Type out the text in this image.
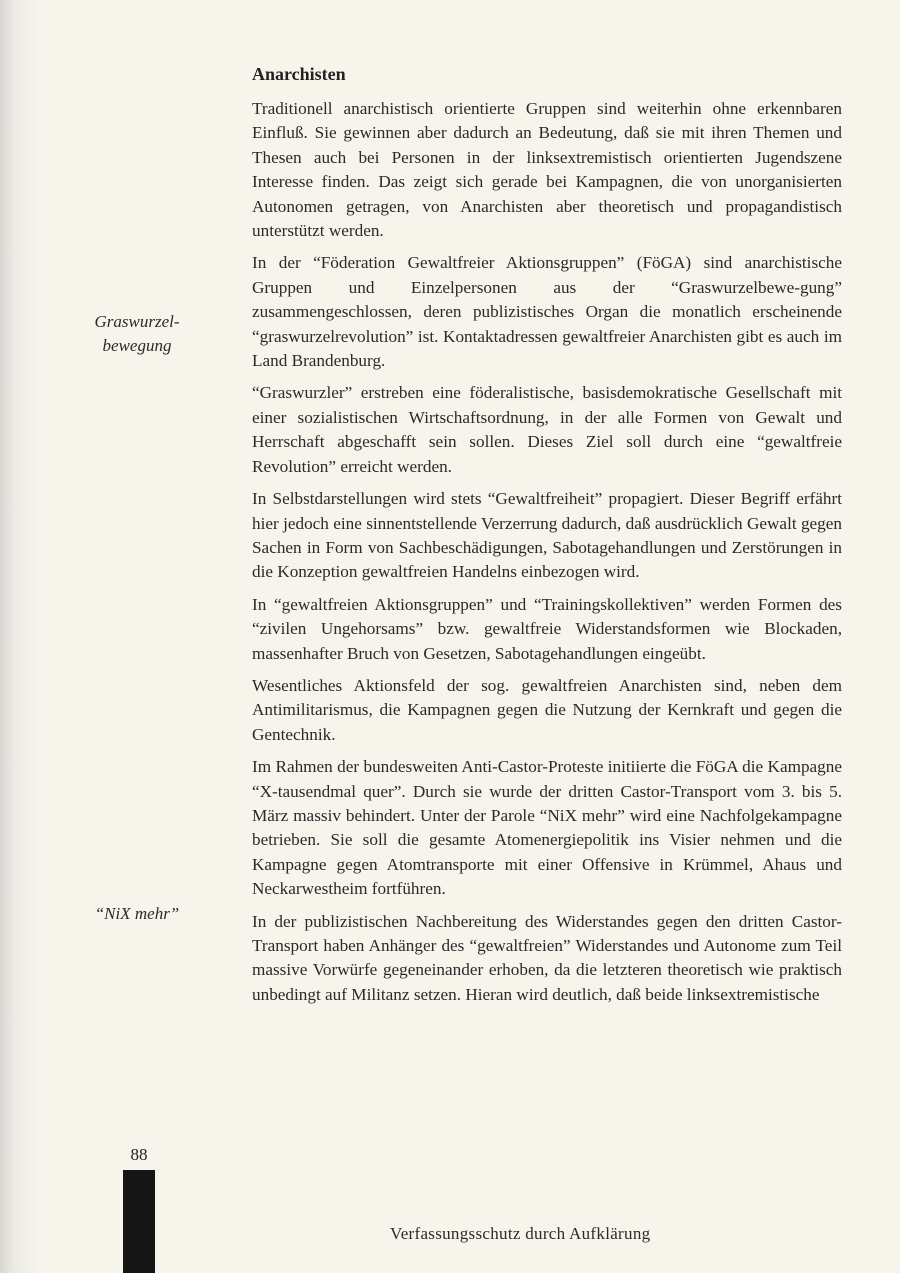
Anarchisten
Graswurzel-
bewegung
“NiX mehr”

Traditionell anarchistisch orientierte Gruppen sind weiterhin ohne erkennbaren Einfluß. Sie gewinnen aber dadurch an Bedeutung, daß sie mit ihren Themen und Thesen auch bei Personen in der linksextremistisch orientierten Jugendszene Interesse finden. Das zeigt sich gerade bei Kampagnen, die von unorganisierten Autonomen getragen, von Anarchisten aber theoretisch und propagandistisch unterstützt werden.

In der “Föderation Gewaltfreier Aktionsgruppen” (FöGA) sind anarchistische Gruppen und Einzelpersonen aus der “Graswurzelbewe-gung” zusammengeschlossen, deren publizistisches Organ die monatlich erscheinende “graswurzelrevolution” ist. Kontaktadressen gewaltfreier Anarchisten gibt es auch im Land Brandenburg.

“Graswurzler” erstreben eine föderalistische, basisdemokratische Gesellschaft mit einer sozialistischen Wirtschaftsordnung, in der alle Formen von Gewalt und Herrschaft abgeschafft sein sollen. Dieses Ziel soll durch eine “gewaltfreie Revolution” erreicht werden.

In Selbstdarstellungen wird stets “Gewaltfreiheit” propagiert. Dieser Begriff erfährt hier jedoch eine sinnentstellende Verzerrung dadurch, daß ausdrücklich Gewalt gegen Sachen in Form von Sachbeschädigungen, Sabotagehandlungen und Zerstörungen in die Konzeption gewaltfreien Handelns einbezogen wird.

In “gewaltfreien Aktionsgruppen” und “Trainingskollektiven” werden Formen des “zivilen Ungehorsams” bzw. gewaltfreie Widerstandsformen wie Blockaden, massenhafter Bruch von Gesetzen, Sabotagehandlungen eingeübt.

Wesentliches Aktionsfeld der sog. gewaltfreien Anarchisten sind, neben dem Antimilitarismus, die Kampagnen gegen die Nutzung der Kernkraft und gegen die Gentechnik.

Im Rahmen der bundesweiten Anti-Castor-Proteste initiierte die FöGA die Kampagne “X-tausendmal quer”. Durch sie wurde der dritten Castor-Transport vom 3. bis 5. März massiv behindert. Unter der Parole “NiX mehr” wird eine Nachfolgekampagne betrieben. Sie soll die gesamte Atomenergiepolitik ins Visier nehmen und die Kampagne gegen Atomtransporte mit einer Offensive in Krümmel, Ahaus und Neckarwestheim fortführen.

In der publizistischen Nachbereitung des Widerstandes gegen den dritten Castor-Transport haben Anhänger des “gewaltfreien” Widerstandes und Autonome zum Teil massive Vorwürfe gegeneinander erhoben, da die letzteren theoretisch wie praktisch unbedingt auf Militanz setzen. Hieran wird deutlich, daß beide linksextremistische

88
Verfassungsschutz durch Aufklärung
